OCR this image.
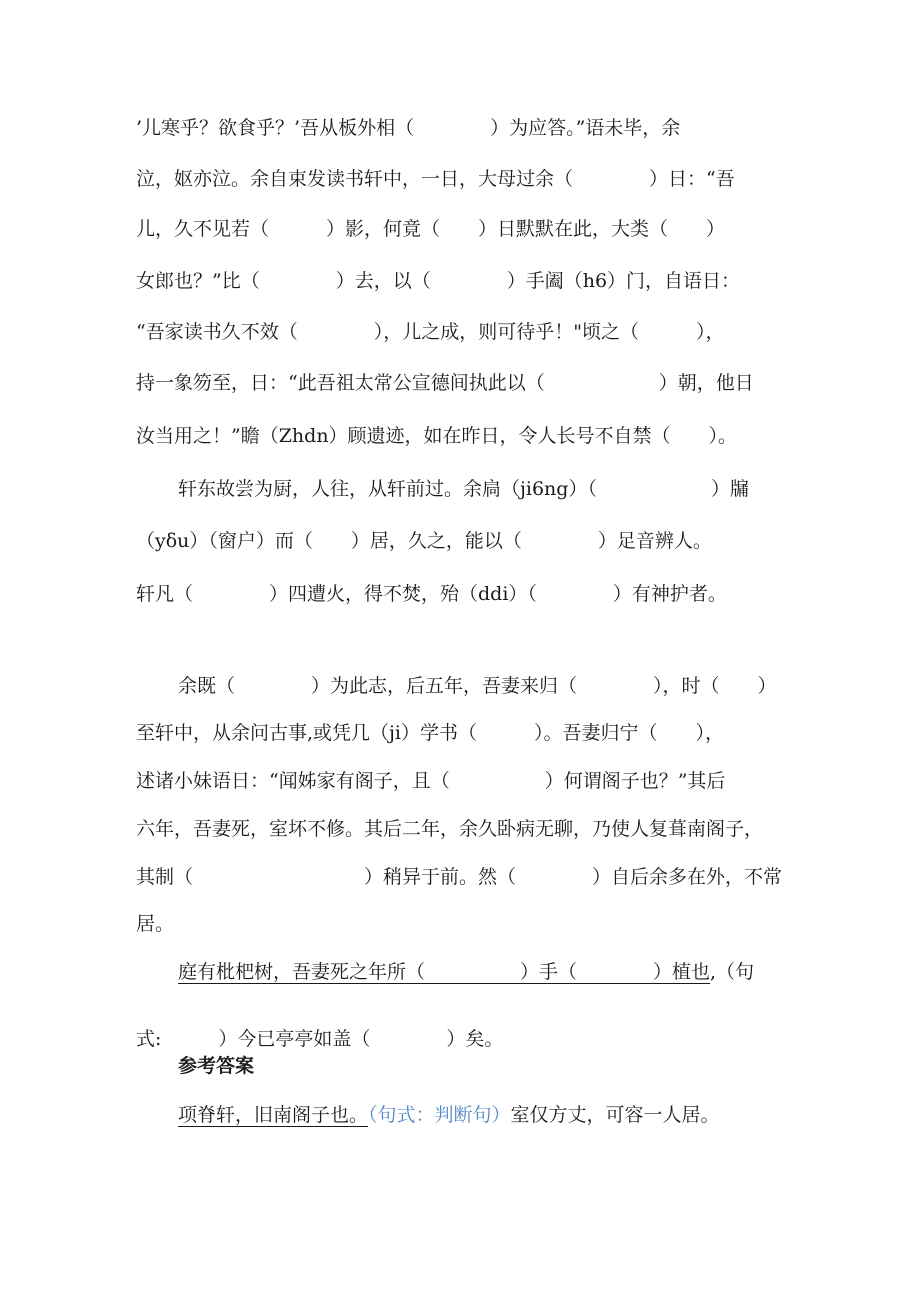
’儿寒乎？欲食乎？’吾从板外相（　　　　）为应答。”语未毕，余
泣，妪亦泣。余自束发读书轩中，一日，大母过余（　　　　）日：“吾
儿，久不见若（　　　）影，何竟（　　）日默默在此，大类（　　）
女郎也？”比（　　　　）去，以（　　　　）手阖（h6）门，自语日：
“吾家读书久不效（　　　　），儿之成，则可待乎！"顷之（　　　），
持一象笏至，日：“此吾祖太常公宣德间执此以（　　　　　　）朝，他日
汝当用之！”瞻（Zhdn）顾遗迹，如在昨日，令人长号不自禁（　　）。
轩东故尝为厨，人往，从轩前过。余扃（ji6ng）（　　　　　　）牖
（yδu）（窗户）而（　　）居，久之，能以（　　　　）足音辨人。
轩凡（　　　　）四遭火，得不焚，殆（ddi）（　　　　）有神护者。
余既（　　　　）为此志，后五年，吾妻来归（　　　　），时（　　）
至轩中，从余问古事,或凭几（ji）学书（　　　）。吾妻归宁（　　），
述诸小妹语日：“闻姊家有阁子，且（　　　　　）何谓阁子也？”其后
六年，吾妻死，室坏不修。其后二年，余久卧病无聊，乃使人复葺南阁子，
其制（　　　　　　　　　）稍异于前。然（　　　　）自后余多在外，不常
居。
庭有枇杷树，吾妻死之年所（　　　　　）手（　　　　）植也,（句
式:　　　）今已亭亭如盖（　　　　）矣。
参考答案
项脊轩，旧南阁子也。（句式：判断句）室仅方丈，可容一人居。
